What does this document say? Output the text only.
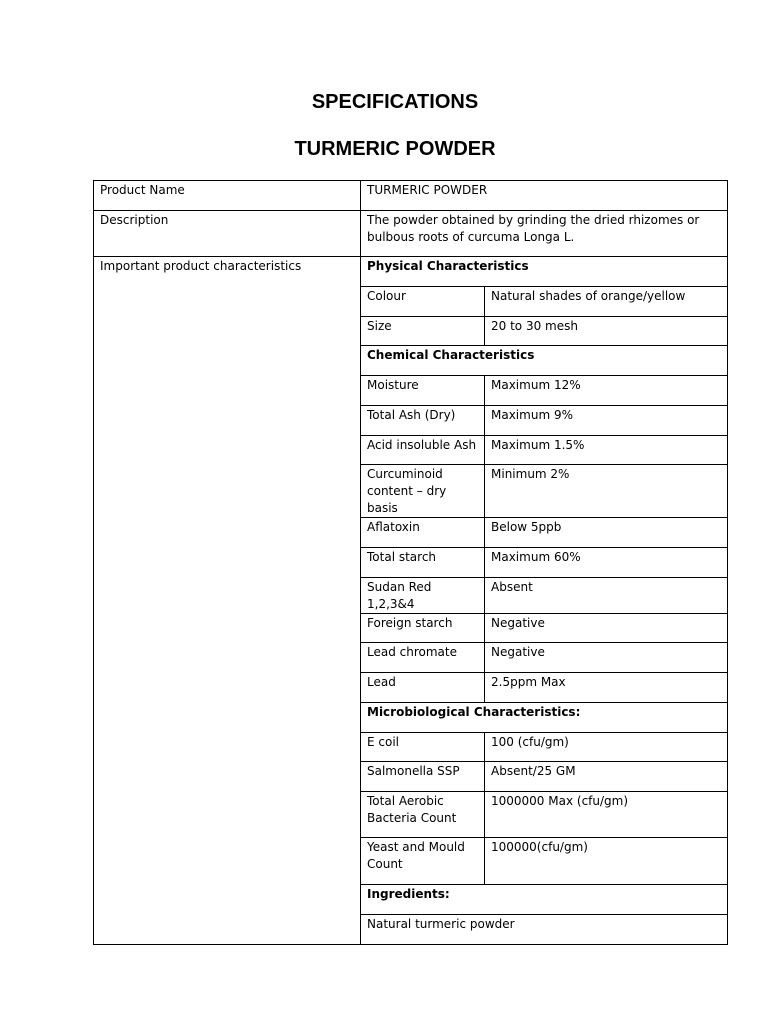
SPECIFICATIONS
TURMERIC POWDER
Product Name	TURMERIC POWDER	
Description	The powder obtained by grinding the dried rhizomes or bulbous roots of curcuma Longa L.	
Important product characteristics	Physical Characteristics	
	Colour	Natural shades of orange/yellow
	Size	20 to 30 mesh
	Chemical Characteristics	
	Moisture	Maximum 12%
	Total Ash (Dry)	Maximum 9%
	Acid insoluble Ash	Maximum 1.5%
	Curcuminoid content – dry basis	Minimum 2%
	Aflatoxin	Below 5ppb
	Total starch	Maximum 60%
	Sudan Red 1,2,3&4	Absent
	Foreign starch	Negative
	Lead chromate	Negative
	Lead	2.5ppm Max
	Microbiological Characteristics:	
	E coil	100 (cfu/gm)
	Salmonella SSP	Absent/25 GM
	Total Aerobic Bacteria Count	1000000 Max (cfu/gm)
	Yeast and Mould Count	100000(cfu/gm)
	Ingredients:	
	Natural turmeric powder	
